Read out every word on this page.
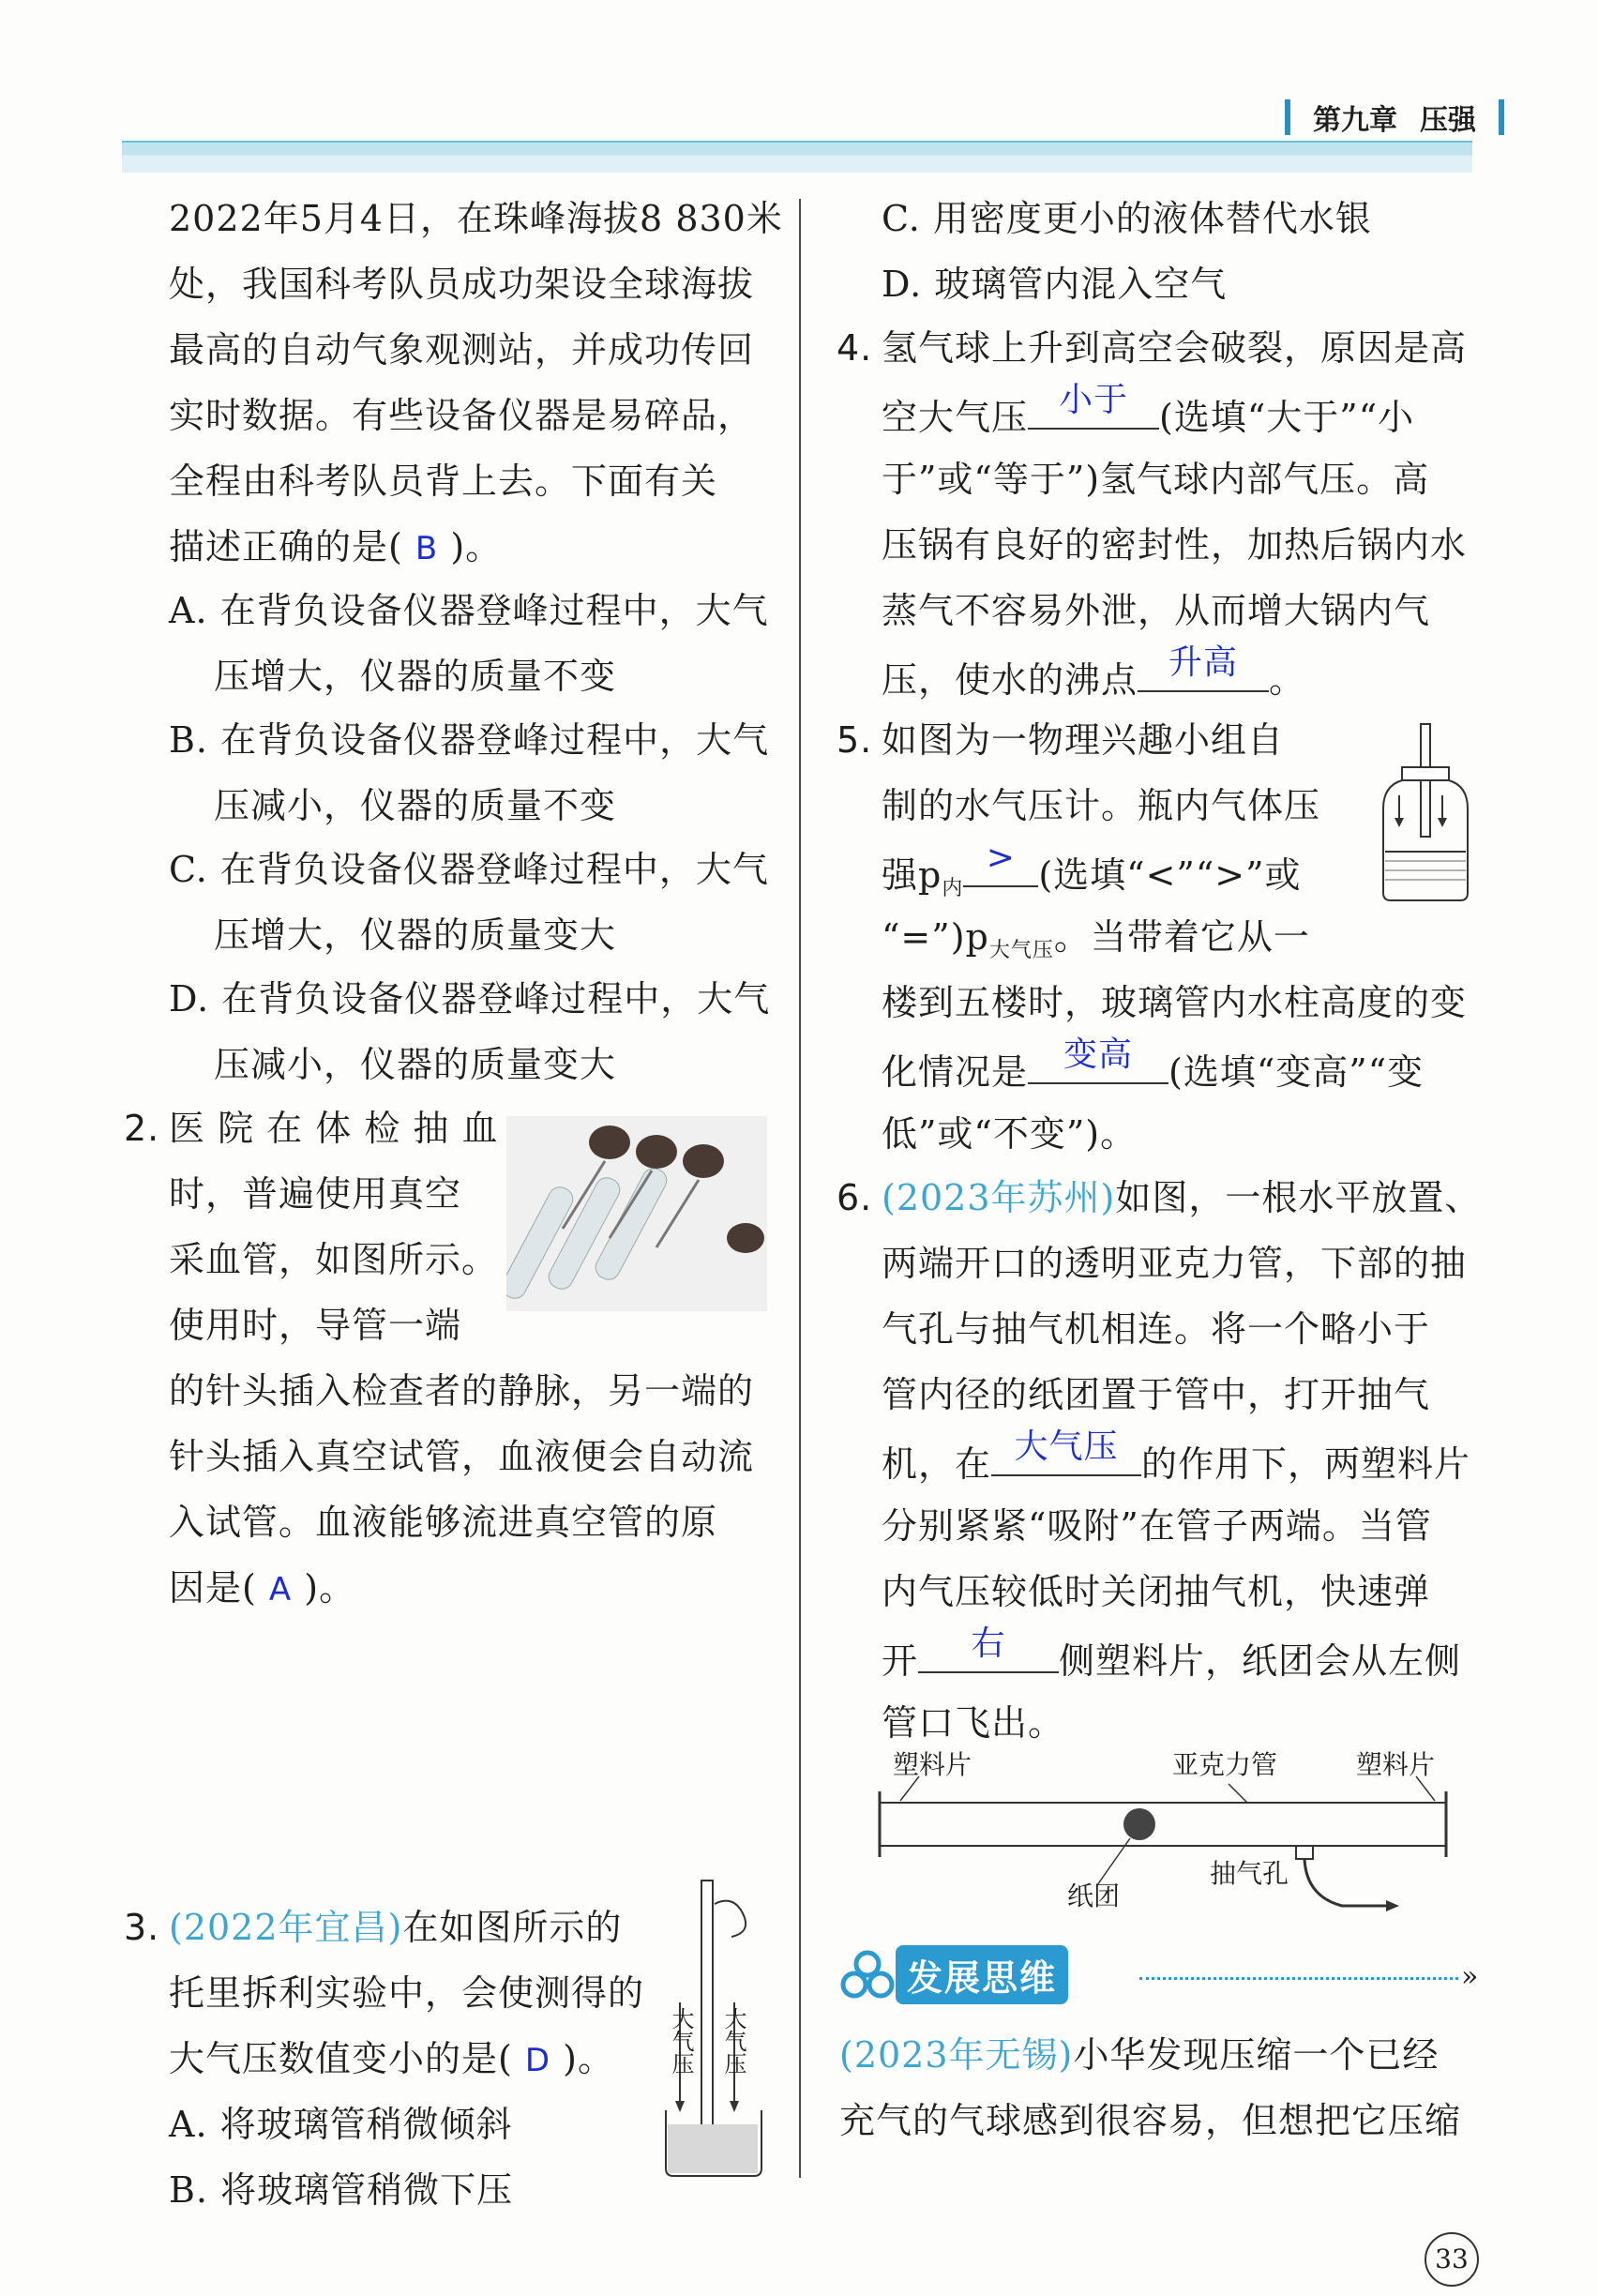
第九章 压强
2022年5月4日，在珠峰海拔8 830米
处，我国科考队员成功架设全球海拔
最高的自动气象观测站，并成功传回
实时数据。有些设备仪器是易碎品，
全程由科考队员背上去。下面有关
描述正确的是( B )。
A. 在背负设备仪器登峰过程中，大气
压增大，仪器的质量不变
B. 在背负设备仪器登峰过程中，大气
压减小，仪器的质量不变
C. 在背负设备仪器登峰过程中，大气
压增大，仪器的质量变大
D. 在背负设备仪器登峰过程中，大气
压减小，仪器的质量变大
2. 医 院 在 体 检 抽 血
时，普遍使用真空
采血管，如图所示。
使用时，导管一端
的针头插入检查者的静脉，另一端的
针头插入真空试管，血液便会自动流
入试管。血液能够流进真空管的原
因是( A )。
3. (2022年宜昌)在如图所示的
托里拆利实验中，会使测得的
大气压数值变小的是( D )。
A. 将玻璃管稍微倾斜
B. 将玻璃管稍微下压
大气压 大气压
C. 用密度更小的液体替代水银
D. 玻璃管内混入空气
4. 氢气球上升到高空会破裂，原因是高
空大气压 小于 (选填“大于”“小
于”或“等于”)氢气球内部气压。高
压锅有良好的密封性，加热后锅内水
蒸气不容易外泄，从而增大锅内气
压，使水的沸点 升高 。
5. 如图为一物理兴趣小组自
制的水气压计。瓶内气体压
强$p_内$
> (选填“<”“>”或
“$=”)p_{大气压}$。当带着它从一
楼到五楼时，玻璃管内水柱高度的变
化情况是	变高	(选填“变高”“变
低”或“不变”)。
6. (2023年苏州)如图，一根水平放置、
两端开口的透明亚克力管，下部的抽
气孔与抽气机相连。将一个略小于
管内径的纸团置于管中，打开抽气
机，在 大气压 的作用下，两塑料片
分别紧紧“吸附”在管子两端。当管
内气压较低时关闭抽气机，快速弹
开	右	侧塑料片，纸团会从左侧
管口飞出。
塑料片	亚克力管	塑料片
纸团
抽气孔
发展思维	»
(2023年无锡)小华发现压缩一个已经
充气的气球感到很容易，但想把它压缩
33
